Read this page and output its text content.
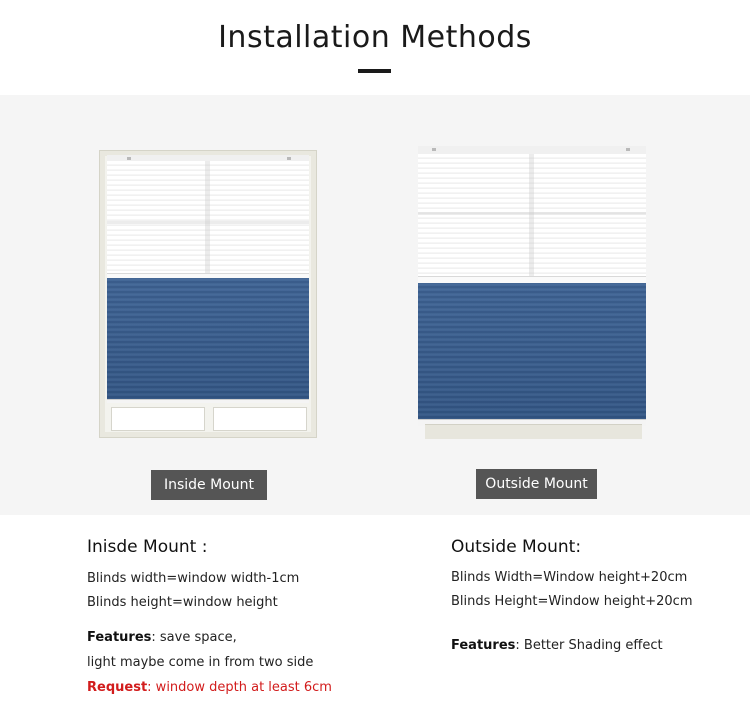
Installation Methods
Inside Mount	Outside Mount
Inisde Mount :
Blinds width=window width-1cm
Blinds height=window height
Features: save space,
light maybe come in from two side
Request: window depth at least 6cm
Outside Mount:
Blinds Width=Window height+20cm
Blinds Height=Window height+20cm
Features: Better Shading effect
